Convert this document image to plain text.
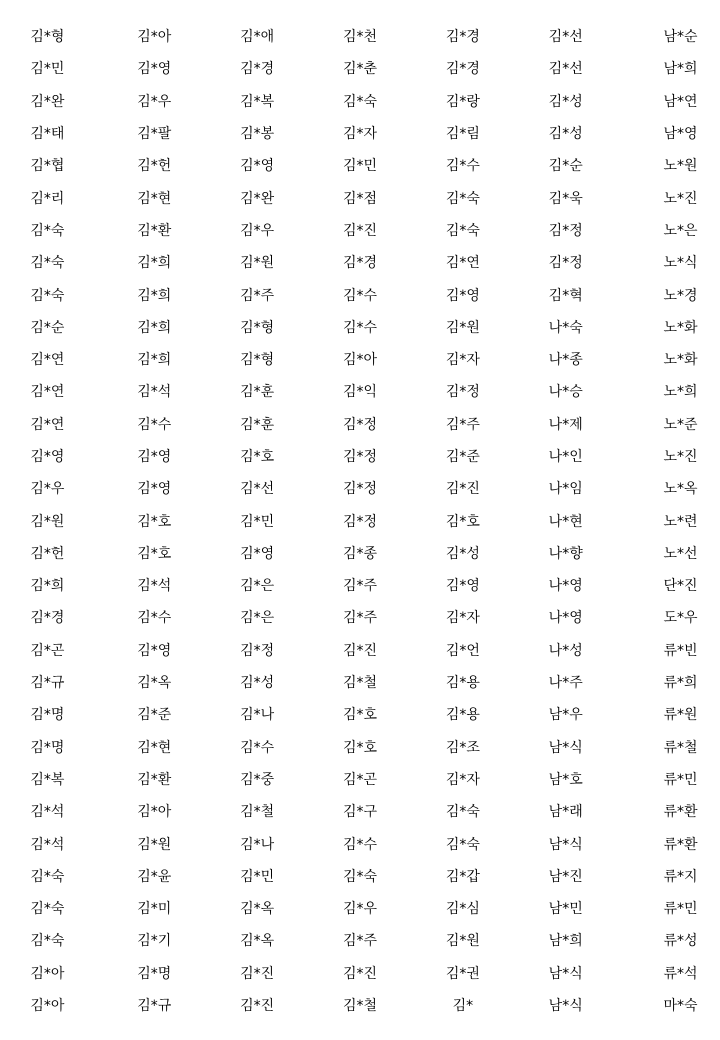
김*형	김*아	김*애	김*천	김*경	김*선	남*순
김*민	김*영	김*경	김*춘	김*경	김*선	남*희
김*완	김*우	김*복	김*숙	김*랑	김*성	남*연
김*태	김*팔	김*봉	김*자	김*림	김*성	남*영
김*협	김*헌	김*영	김*민	김*수	김*순	노*원
김*리	김*현	김*완	김*점	김*숙	김*욱	노*진
김*숙	김*환	김*우	김*진	김*숙	김*정	노*은
김*숙	김*희	김*원	김*경	김*연	김*정	노*식
김*숙	김*희	김*주	김*수	김*영	김*혁	노*경
김*순	김*희	김*형	김*수	김*원	나*숙	노*화
김*연	김*희	김*형	김*아	김*자	나*종	노*화
김*연	김*석	김*훈	김*익	김*정	나*승	노*희
김*연	김*수	김*훈	김*정	김*주	나*제	노*준
김*영	김*영	김*호	김*정	김*준	나*인	노*진
김*우	김*영	김*선	김*정	김*진	나*임	노*옥
김*원	김*호	김*민	김*정	김*호	나*현	노*련
김*헌	김*호	김*영	김*종	김*성	나*향	노*선
김*희	김*석	김*은	김*주	김*영	나*영	단*진
김*경	김*수	김*은	김*주	김*자	나*영	도*우
김*곤	김*영	김*정	김*진	김*언	나*성	류*빈
김*규	김*옥	김*성	김*철	김*용	나*주	류*희
김*명	김*준	김*나	김*호	김*용	남*우	류*원
김*명	김*현	김*수	김*호	김*조	남*식	류*철
김*복	김*환	김*중	김*곤	김*자	남*호	류*민
김*석	김*아	김*철	김*구	김*숙	남*래	류*환
김*석	김*원	김*나	김*수	김*숙	남*식	류*환
김*숙	김*윤	김*민	김*숙	김*갑	남*진	류*지
김*숙	김*미	김*옥	김*우	김*심	남*민	류*민
김*숙	김*기	김*옥	김*주	김*원	남*희	류*성
김*아	김*명	김*진	김*진	김*권	남*식	류*석
김*아	김*규	김*진	김*철	김*	남*식	마*숙
